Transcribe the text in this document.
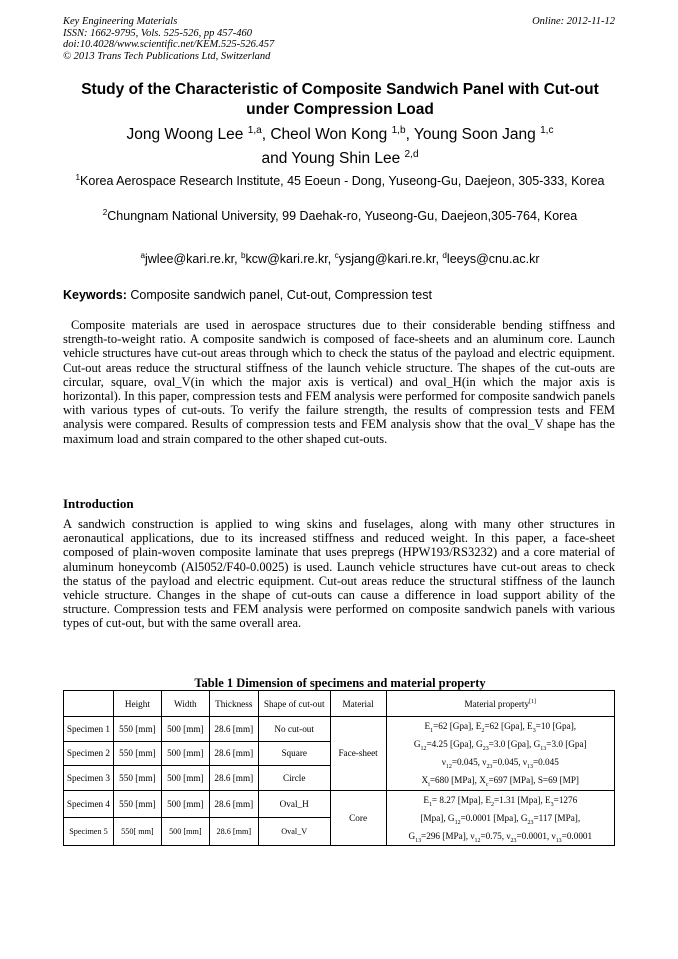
Key Engineering Materials
ISSN: 1662-9795, Vols. 525-526, pp 457-460
doi:10.4028/www.scientific.net/KEM.525-526.457
© 2013 Trans Tech Publications Ltd, Switzerland
Online: 2012-11-12
Study of the Characteristic of Composite Sandwich Panel with Cut-out
under Compression Load
Jong Woong Lee $^{1,a}$, Cheol Won Kong $^{1,b}$, Young Soon Jang $^{1,c}$
and Young Shin Lee $^{2,d}$
$^1$Korea Aerospace Research Institute, 45 Eoeun - Dong, Yuseong-Gu, Daejeon, 305-333, Korea
$^2$Chungnam National University, 99 Daehak-ro, Yuseong-Gu, Daejeon,305-764, Korea
$^a$jwlee@kari.re.kr, $^b$kcw@kari.re.kr, $^c$ysjang@kari.re.kr, $^d$leeys@cnu.ac.kr
Keywords: Composite sandwich panel, Cut-out, Compression test
Composite materials are used in aerospace structures due to their considerable bending stiffness and strength-to-weight ratio. A composite sandwich is composed of face-sheets and an aluminum core. Launch vehicle structures have cut-out areas through which to check the status of the payload and electric equipment. Cut-out areas reduce the structural stiffness of the launch vehicle structure. The shapes of the cut-outs are circular, square, oval_V(in which the major axis is vertical) and oval_H(in which the major axis is horizontal). In this paper, compression tests and FEM analysis were performed for composite sandwich panels with various types of cut-outs. To verify the failure strength, the results of compression tests and FEM analysis were compared. Results of compression tests and FEM analysis show that the oval_V shape has the maximum load and strain compared to the other shaped cut-outs.
Introduction
A sandwich construction is applied to wing skins and fuselages, along with many other structures in aeronautical applications, due to its increased stiffness and reduced weight. In this paper, a face-sheet composed of plain-woven composite laminate that uses prepregs (HPW193/RS3232) and a core material of aluminum honeycomb (Al5052/F40-0.0025) is used. Launch vehicle structures have cut-out areas to check the status of the payload and electric equipment. Cut-out areas reduce the structural stiffness of the launch vehicle structure. Changes in the shape of cut-outs can cause a difference in load support ability of the structure. Compression tests and FEM analysis were performed on composite sandwich panels with various types of cut-out, but with the same overall area.
Table 1 Dimension of specimens and material property
	Height	Width	Thickness	Shape of cut-out	Material	Material property[1]
Specimen 1	550 [mm]	500 [mm]	28.6 [mm]	No cut-out	Face-sheet	$E_1=62$ [Gpa], $E_2=62$ [Gpa], $E_3=10$ [Gpa],
$G_{12}=4.25$ [Gpa], $G_{23}=3.0$ [Gpa], $G_{13}=3.0$ [Gpa]
$\nu_{12}=0.045$, $\nu_{23}=0.045$, $\nu_{13}=0.045$
$X_t=680$ [MPa], $X_c=697$ [MPa], S=69 [MP]
Specimen 2	550 [mm]	500 [mm]	28.6 [mm]	Square		
Specimen 3	550 [mm]	500 [mm]	28.6 [mm]	Circle		
Specimen 4	550 [mm]	500 [mm]	28.6 [mm]	Oval_H	Core	$E_1= 8.27$ [Mpa], $E_2=1.31$ [Mpa], $E_3=1276$
[Mpa], $G_{12}=0.0001$ [Mpa], $G_{23}=117$ [MPa],
$G_{13}=296$ [MPa], $\nu_{12}=0.75$, $\nu_{23}=0.0001$, $\nu_{13}=0.0001$
Specimen 5	550[ mm]	500 [mm]	28.6 [mm]	Oval_V		
